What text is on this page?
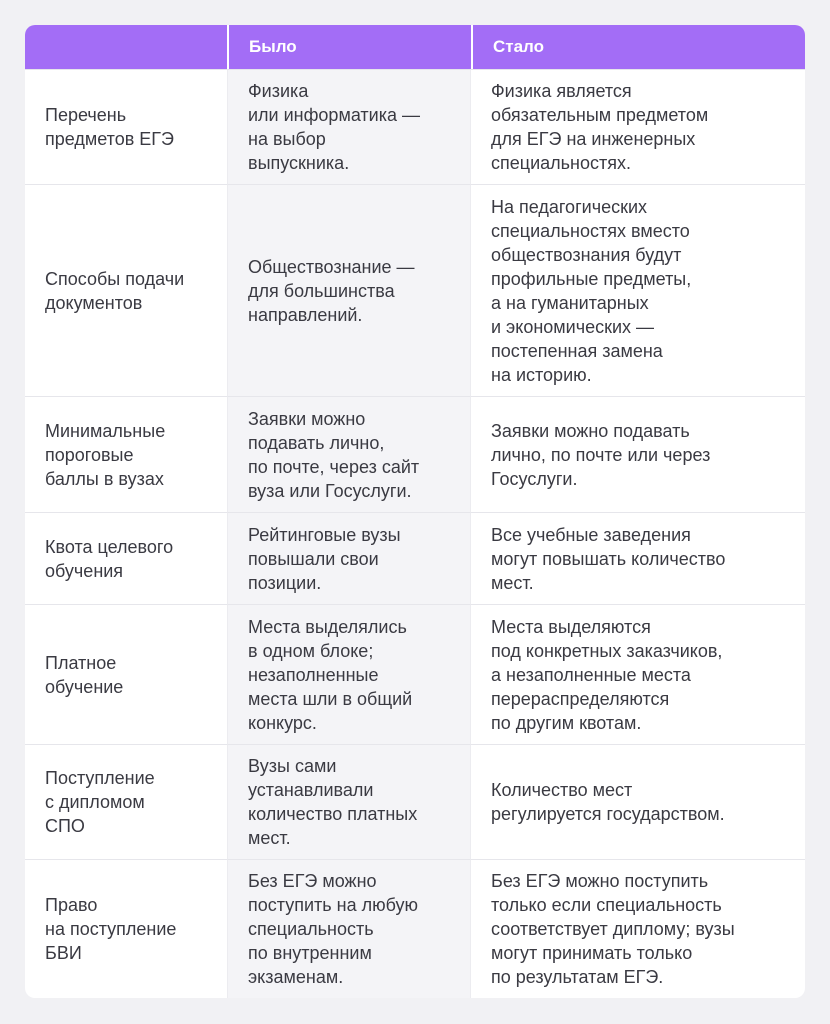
Было	Стало
Перечень
предметов ЕГЭ
Физика
или информатика —
на выбор
выпускника.
Физика является
обязательным предметом
для ЕГЭ на инженерных
специальностях.
Способы подачи
документов
Обществознание —
для большинства
направлений.
На педагогических
специальностях вместо
обществознания будут
профильные предметы,
а на гуманитарных
и экономических —
постепенная замена
на историю.
Минимальные
пороговые
баллы в вузах
Заявки можно
подавать лично,
по почте, через сайт
вуза или Госуслуги.
Заявки можно подавать
лично, по почте или через
Госуслуги.
Квота целевого
обучения
Рейтинговые вузы
повышали свои
позиции.
Все учебные заведения
могут повышать количество
мест.
Платное
обучение
Места выделялись
в одном блоке;
незаполненные
места шли в общий
конкурс.
Места выделяются
под конкретных заказчиков,
а незаполненные места
перераспределяются
по другим квотам.
Поступление
с дипломом
СПО
Вузы сами
устанавливали
количество платных
мест.
Количество мест
регулируется государством.
Право
на поступление
БВИ
Без ЕГЭ можно
поступить на любую
специальность
по внутренним
экзаменам.
Без ЕГЭ можно поступить
только если специальность
соответствует диплому; вузы
могут принимать только
по результатам ЕГЭ.
